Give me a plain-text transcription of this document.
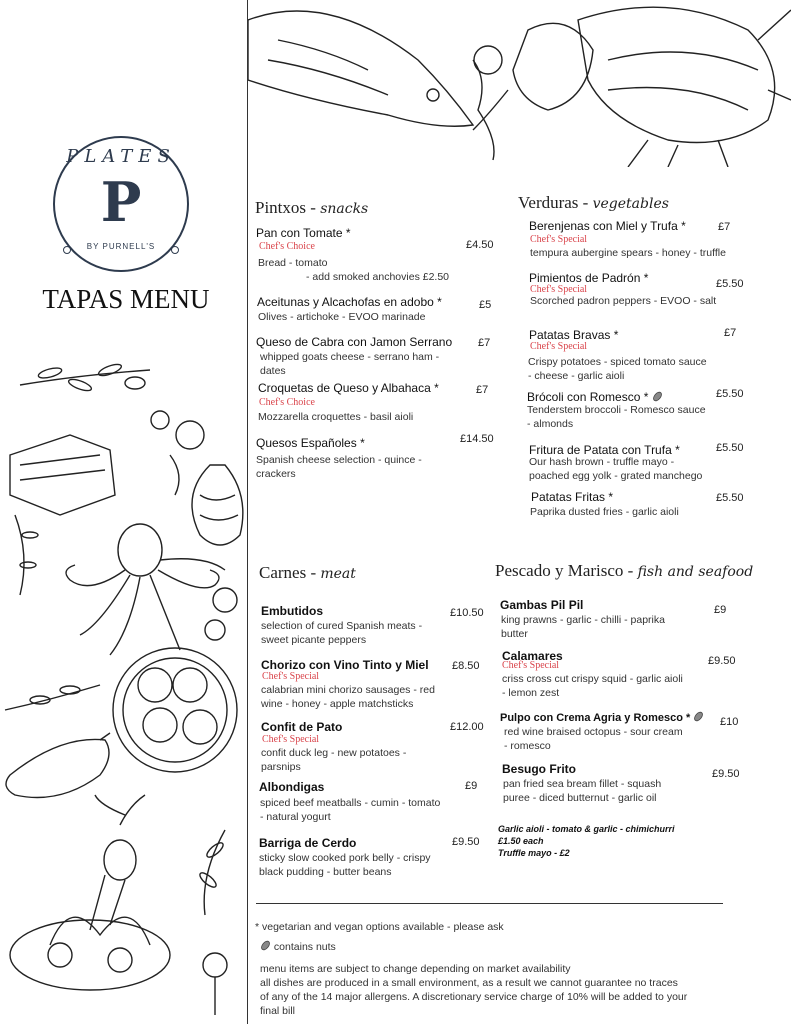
PLATES
P
BY PURNELL'S
TAPAS MENU
Pintxos - snacks	Verduras - vegetables
Carnes - meat	Pescado y Marisco - fish and seafood
Pan con Tomate *
Chef's Choice	£4.50
Bread - tomato
- add smoked anchovies £2.50
Aceitunas y Alcachofas en adobo *	£5
Olives - artichoke - EVOO marinade
Queso de Cabra con Jamon Serrano £7
whipped goats cheese - serrano ham -
dates
Croquetas de Queso y Albahaca *	£7
Chef's Choice
Mozzarella croquettes - basil aioli
Quesos Españoles *	£14.50
Spanish cheese selection - quince -
crackers
Berenjenas con Miel y Trufa *	£7
Chef's Special
tempura aubergine spears - honey - truffle
Pimientos de Padrón *	£5.50
Chef's Special
Scorched padron peppers - EVOO - salt
Patatas Bravas *	£7
Chef's Special
Crispy potatoes - spiced tomato sauce
- cheese - garlic aioli
Brócoli con Romesco *	£5.50
Tenderstem broccoli - Romesco sauce
- almonds
Fritura de Patata con Trufa *	£5.50
Our hash brown - truffle mayo -
poached egg yolk - grated manchego
Patatas Fritas *	£5.50
Paprika dusted fries - garlic aioli
Embutidos	£10.50
selection of cured Spanish meats -
sweet picante peppers
Chorizo con Vino Tinto y Miel £8.50
Chef's Special
calabrian mini chorizo sausages - red
wine - honey - apple matchsticks
Confit de Pato	£12.00
Chef's Special
confit duck leg - new potatoes -
parsnips
Albondigas	£9
spiced beef meatballs - cumin - tomato
- natural yogurt
Barriga de Cerdo	£9.50
sticky slow cooked pork belly - crispy
black pudding - butter beans
Gambas Pil Pil	£9
king prawns - garlic - chilli - paprika
butter
Calamares	£9.50
Chef's Special
criss cross cut crispy squid - garlic aioli
- lemon zest
Pulpo con Crema Agria y Romesco *	£10
red wine braised octopus - sour cream
- romesco
Besugo Frito	£9.50
pan fried sea bream fillet - squash
puree - diced butternut - garlic oil
Garlic aioli - tomato & garlic - chimichurri
£1.50 each
Truffle mayo - £2
* vegetarian and vegan options available - please ask
contains nuts
menu items are subject to change depending on market availability
all dishes are produced in a small environment, as a result we cannot guarantee no traces
of any of the 14 major allergens. A discretionary service charge of 10% will be added to your
final bill
